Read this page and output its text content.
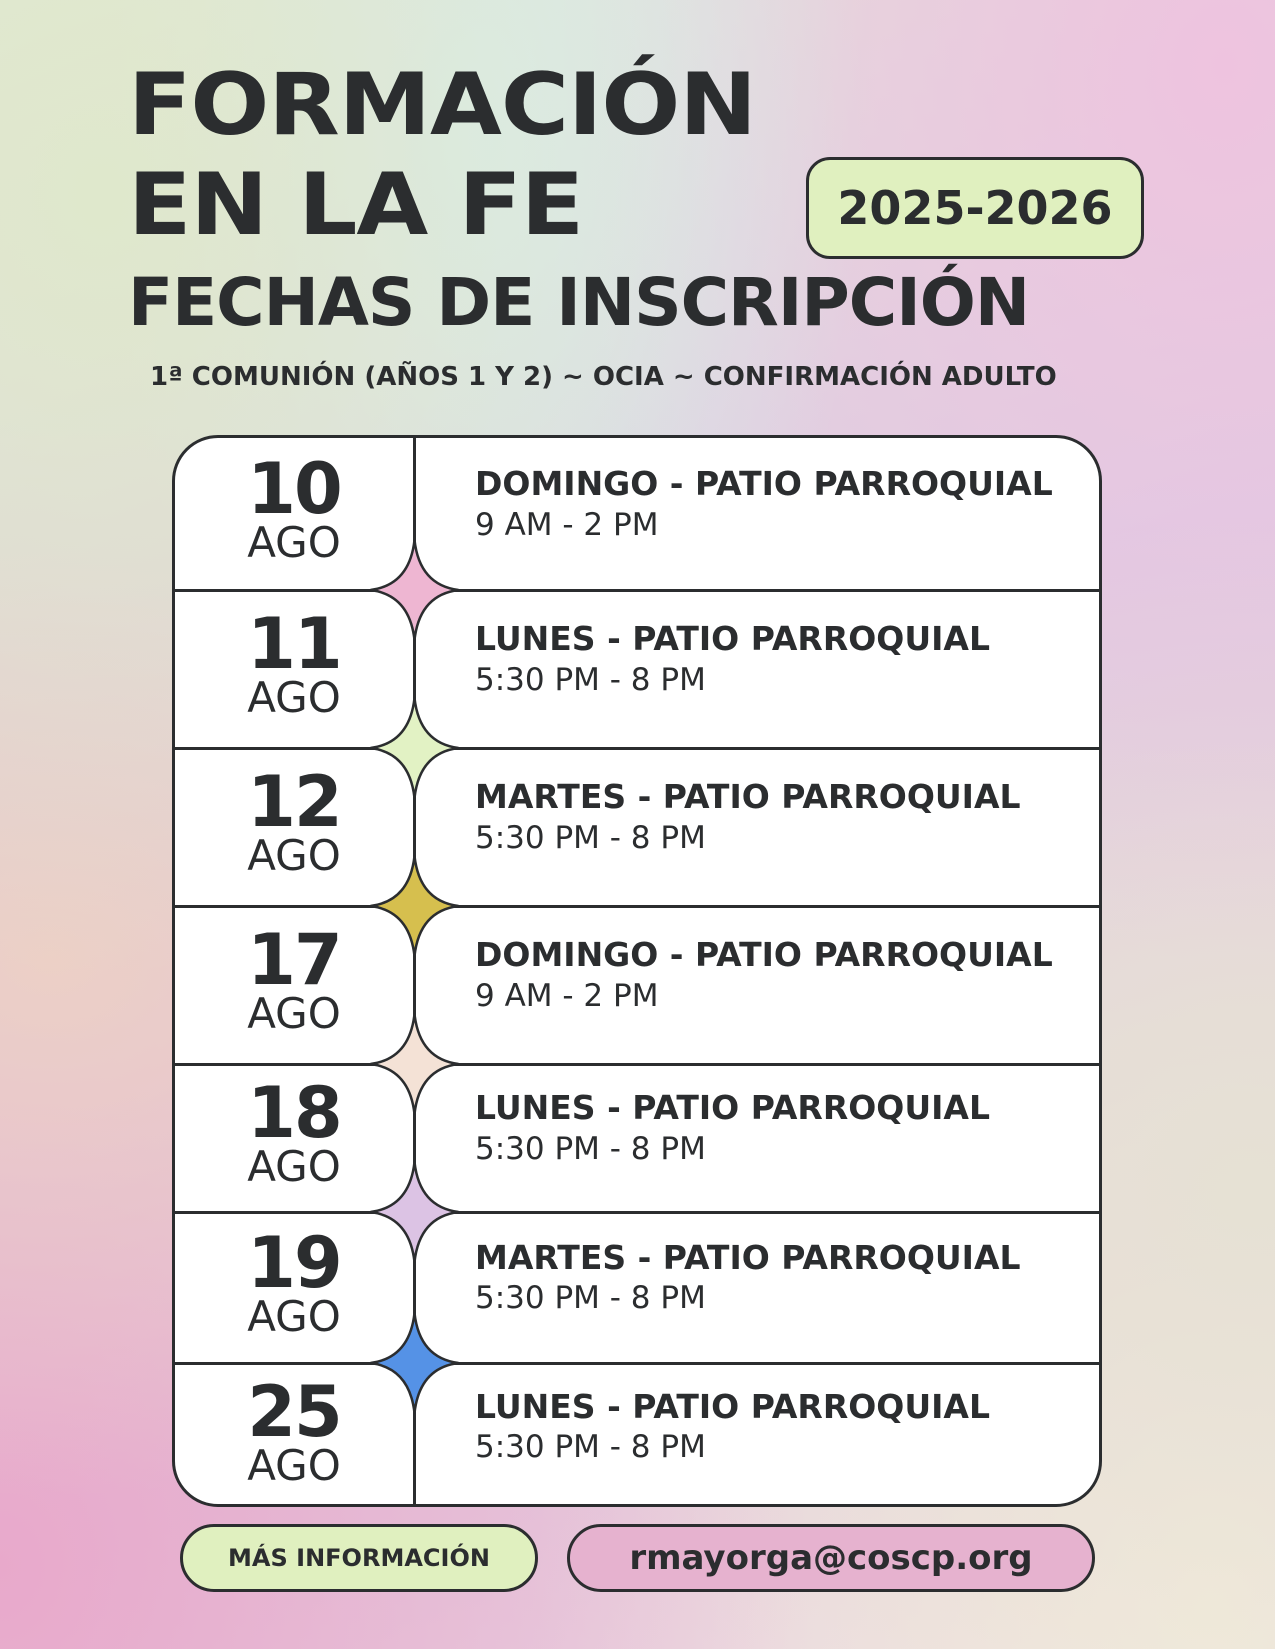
FORMACIÓN
EN LA FE	2025-2026
FECHAS DE INSCRIPCIÓN
1ª COMUNIÓN (AÑOS 1 Y 2) ~ OCIA ~ CONFIRMACIÓN ADULTO
10
AGO
DOMINGO - PATIO PARROQUIAL
9 AM - 2 PM
11
AGO
LUNES - PATIO PARROQUIAL
5:30 PM - 8 PM
12
AGO
MARTES - PATIO PARROQUIAL
5:30 PM - 8 PM
17
AGO
DOMINGO - PATIO PARROQUIAL
9 AM - 2 PM
18
AGO
LUNES - PATIO PARROQUIAL
5:30 PM - 8 PM
19
AGO
MARTES - PATIO PARROQUIAL
5:30 PM - 8 PM
25
AGO
LUNES - PATIO PARROQUIAL
5:30 PM - 8 PM
MÁS INFORMACIÓN	rmayorga@coscp.org
